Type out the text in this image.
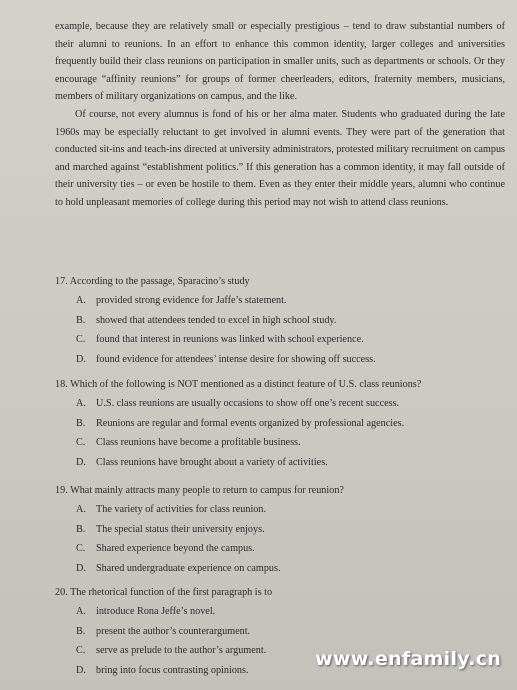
example, because they are relatively small or especially prestigious – tend to draw substantial numbers of their alumni to reunions. In an effort to enhance this common identity, larger colleges and universities frequently build their class reunions on participation in smaller units, such as departments or schools. Or they encourage “affinity reunions” for groups of former cheerleaders, editors, fraternity members, musicians, members of military organizations on campus, and the like.

Of course, not every alumnus is fond of his or her alma mater. Students who graduated during the late 1960s may be especially reluctant to get involved in alumni events. They were part of the generation that conducted sit-ins and teach-ins directed at university administrators, protested military recruitment on campus and marched against “establishment politics.” If this generation has a common identity, it may fall outside of their university ties – or even be hostile to them. Even as they enter their middle years, alumni who continue to hold unpleasant memories of college during this period may not wish to attend class reunions.

17. According to the passage, Sparacino’s study
A. provided strong evidence for Jaffe’s statement.
B. showed that attendees tended to excel in high school study.
C. found that interest in reunions was linked with school experience.
D. found evidence for attendees’ intense desire for showing off success.
18. Which of the following is NOT mentioned as a distinct feature of U.S. class reunions?
A. U.S. class reunions are usually occasions to show off one’s recent success.
B. Reunions are regular and formal events organized by professional agencies.
C. Class reunions have become a profitable business.
D. Class reunions have brought about a variety of activities.
19. What mainly attracts many people to return to campus for reunion?
A. The variety of activities for class reunion.
B. The special status their university enjoys.
C. Shared experience beyond the campus.
D. Shared undergraduate experience on campus.
20. The rhetorical function of the first paragraph is to
A. introduce Rona Jeffe’s novel.
B. present the author’s counterargument.
C. serve as prelude to the author’s argument.
D. bring into focus contrasting opinions.	www.enfamily.cn
